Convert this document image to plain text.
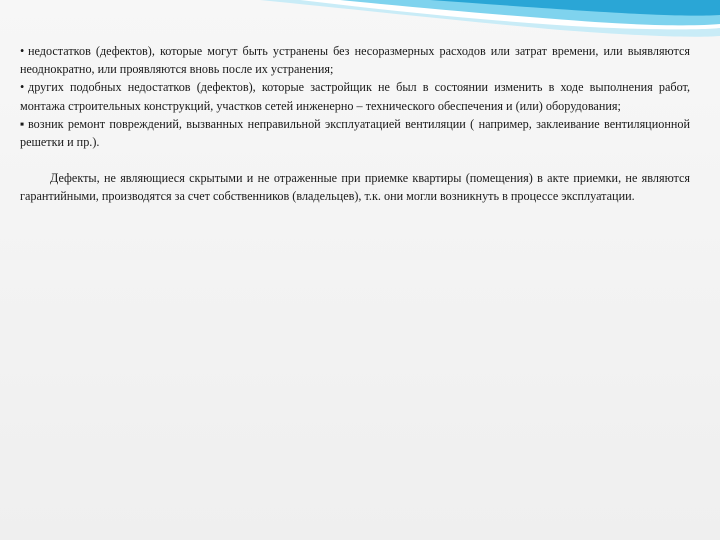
• недостатков (дефектов), которые могут быть устранены без несоразмерных расходов или затрат времени, или выявляются неоднократно, или проявляются вновь после их устранения;
• других подобных недостатков (дефектов), которые застройщик не был в состоянии изменить в ходе выполнения работ, монтажа строительных конструкций, участков сетей инженерно – технического обеспечения и (или) оборудования;
▪ возник ремонт повреждений, вызванных неправильной эксплуатацией вентиляции ( например, заклеивание вентиляционной решетки и пр.).

Дефекты, не являющиеся скрытыми и не отраженные при приемке квартиры (помещения) в акте приемки, не являются гарантийными, производятся за счет собственников (владельцев), т.к. они могли возникнуть в процессе эксплуатации.
